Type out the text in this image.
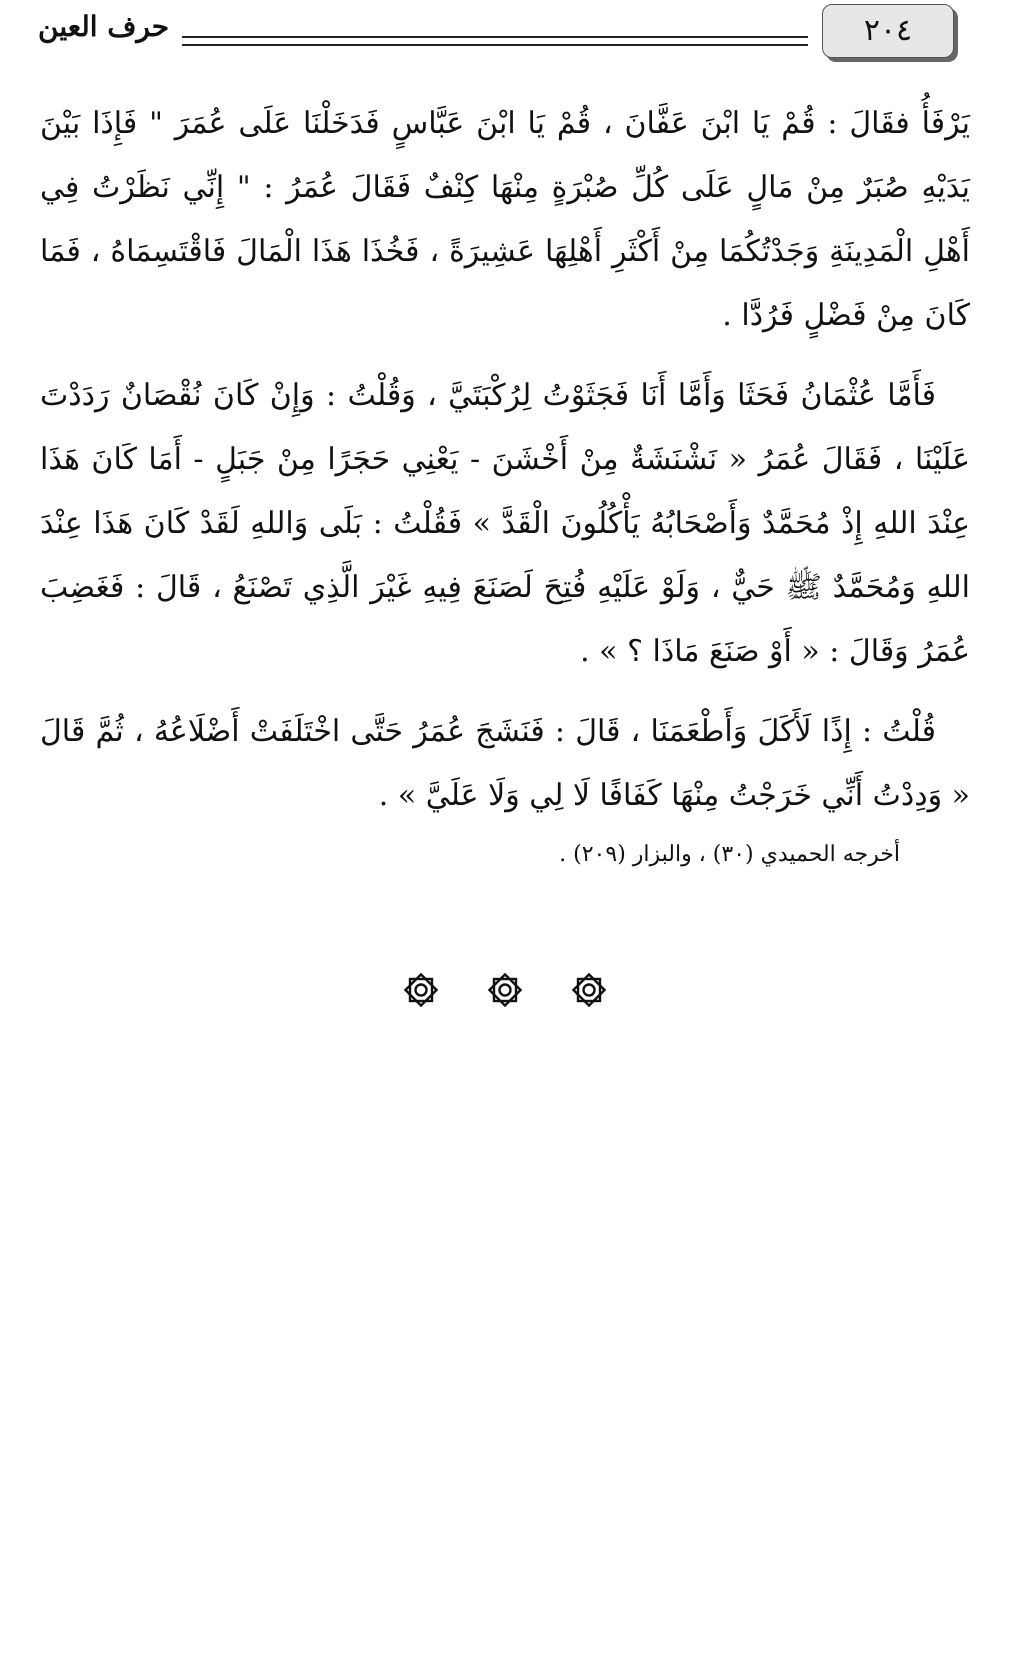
٢٠٤
حرف العين

يَرْفَأُ فقَالَ : قُمْ يَا ابْنَ عَفَّانَ ، قُمْ يَا ابْنَ عَبَّاسٍ فَدَخَلْنَا عَلَى عُمَرَ " فَإِذَا بَيْنَ يَدَيْهِ صُبَرٌ مِنْ مَالٍ عَلَى كُلِّ صُبْرَةٍ مِنْهَا كِنْفٌ فَقَالَ عُمَرُ : " إِنِّي نَظَرْتُ فِي أَهْلِ الْمَدِينَةِ وَجَدْتُكُمَا مِنْ أَكْثَرِ أَهْلِهَا عَشِيرَةً ، فَخُذَا هَذَا الْمَالَ فَاقْتَسِمَاهُ ، فَمَا كَانَ مِنْ فَضْلٍ فَرُدَّا .

فَأَمَّا عُثْمَانُ فَحَثَا وَأَمَّا أَنَا فَجَثَوْتُ لِرُكْبَتَيَّ ، وَقُلْتُ : وَإِنْ كَانَ نُقْصَانٌ رَدَدْتَ عَلَيْنَا ، فَقَالَ عُمَرُ « نَشْنَشَةٌ مِنْ أَخْشَنَ - يَعْنِي حَجَرًا مِنْ جَبَلٍ - أَمَا كَانَ هَذَا عِنْدَ اللهِ إِذْ مُحَمَّدٌ وَأَصْحَابُهُ يَأْكُلُونَ الْقَدَّ » فَقُلْتُ : بَلَى وَاللهِ لَقَدْ كَانَ هَذَا عِنْدَ اللهِ وَمُحَمَّدٌ ﷺ حَيٌّ ، وَلَوْ عَلَيْهِ فُتِحَ لَصَنَعَ فِيهِ غَيْرَ الَّذِي تَصْنَعُ ، قَالَ : فَغَضِبَ عُمَرُ وَقَالَ : « أَوْ صَنَعَ مَاذَا ؟ » .

قُلْتُ : إِذًا لَأَكَلَ وَأَطْعَمَنَا ، قَالَ : فَنَشَجَ عُمَرُ حَتَّى اخْتَلَفَتْ أَضْلَاعُهُ ، ثُمَّ قَالَ « وَدِدْتُ أَنِّي خَرَجْتُ مِنْهَا كَفَافًا لَا لِي وَلَا عَلَيَّ » .

أخرجه الحميدي (٣٠) ، والبزار (٢٠٩) .
